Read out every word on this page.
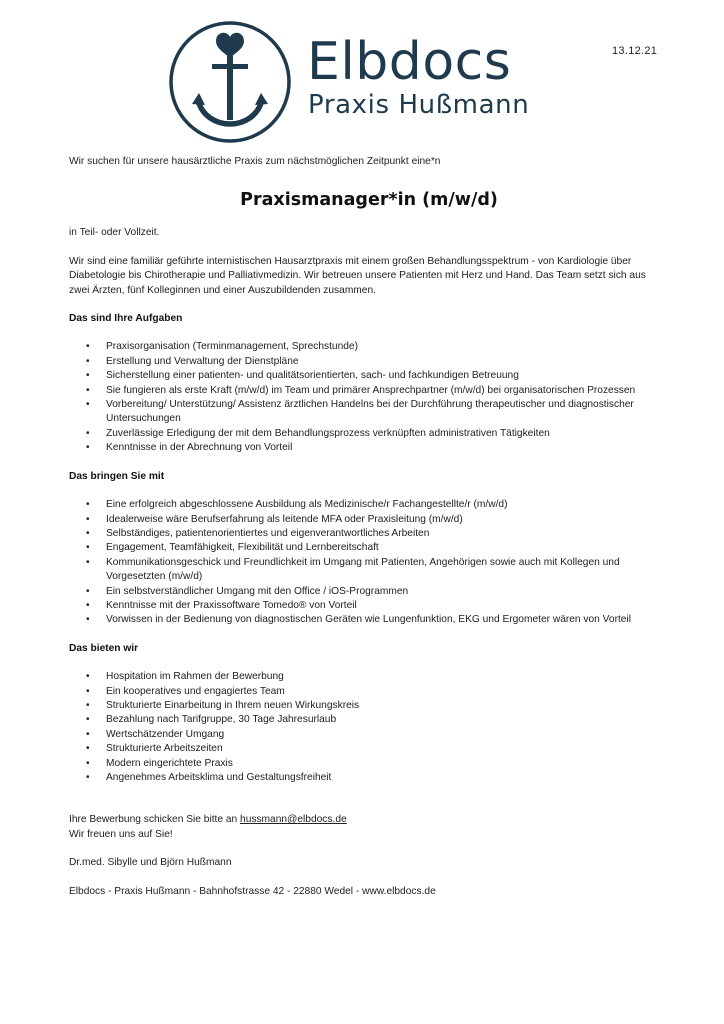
13.12.21
Elbdocs
Praxis Hußmann

Wir suchen für unsere hausärztliche Praxis zum nächstmöglichen Zeitpunkt eine*n

Praxismanager*in (m/w/d)

in Teil- oder Vollzeit.

Wir sind eine familiär geführte internistischen Hausarztpraxis mit einem großen Behandlungsspektrum - von Kardiologie über Diabetologie bis Chirotherapie und Palliativmedizin. Wir betreuen unsere Patienten mit Herz und Hand. Das Team setzt sich aus zwei Ärzten, fünf Kolleginnen und einer Auszubildenden zusammen.

Das sind Ihre Aufgaben

• Praxisorganisation (Terminmanagement, Sprechstunde)
• Erstellung und Verwaltung der Dienstpläne
• Sicherstellung einer patienten- und qualitätsorientierten, sach- und fachkundigen Betreuung
• Sie fungieren als erste Kraft (m/w/d) im Team und primärer Ansprechpartner (m/w/d) bei organisatorischen Prozessen
• Vorbereitung/ Unterstützung/ Assistenz ärztlichen Handelns bei der Durchführung therapeutischer und diagnostischer Untersuchungen
• Zuverlässige Erledigung der mit dem Behandlungsprozess verknüpften administrativen Tätigkeiten
• Kenntnisse in der Abrechnung von Vorteil

Das bringen Sie mit

• Eine erfolgreich abgeschlossene Ausbildung als Medizinische/r Fachangestellte/r (m/w/d)
• Idealerweise wäre Berufserfahrung als leitende MFA oder Praxisleitung (m/w/d)
• Selbständiges, patientenorientiertes und eigenverantwortliches Arbeiten
• Engagement, Teamfähigkeit, Flexibilität und Lernbereitschaft
• Kommunikationsgeschick und Freundlichkeit im Umgang mit Patienten, Angehörigen sowie auch mit Kollegen und Vorgesetzten (m/w/d)
• Ein selbstverständlicher Umgang mit den Office / iOS-Programmen
• Kenntnisse mit der Praxissoftware Tomedo® von Vorteil
• Vorwissen in der Bedienung von diagnostischen Geräten wie Lungenfunktion, EKG und Ergometer wären von Vorteil

Das bieten wir

• Hospitation im Rahmen der Bewerbung
• Ein kooperatives und engagiertes Team
• Strukturierte Einarbeitung in Ihrem neuen Wirkungskreis
• Bezahlung nach Tarifgruppe, 30 Tage Jahresurlaub
• Wertschätzender Umgang
• Strukturierte Arbeitszeiten
• Modern eingerichtete Praxis
• Angenehmes Arbeitsklima und Gestaltungsfreiheit

Ihre Bewerbung schicken Sie bitte an hussmann@elbdocs.de

Wir freuen uns auf Sie!

Dr.med. Sibylle und Björn Hußmann

Elbdocs - Praxis Hußmann - Bahnhofstrasse 42 - 22880 Wedel - www.elbdocs.de
